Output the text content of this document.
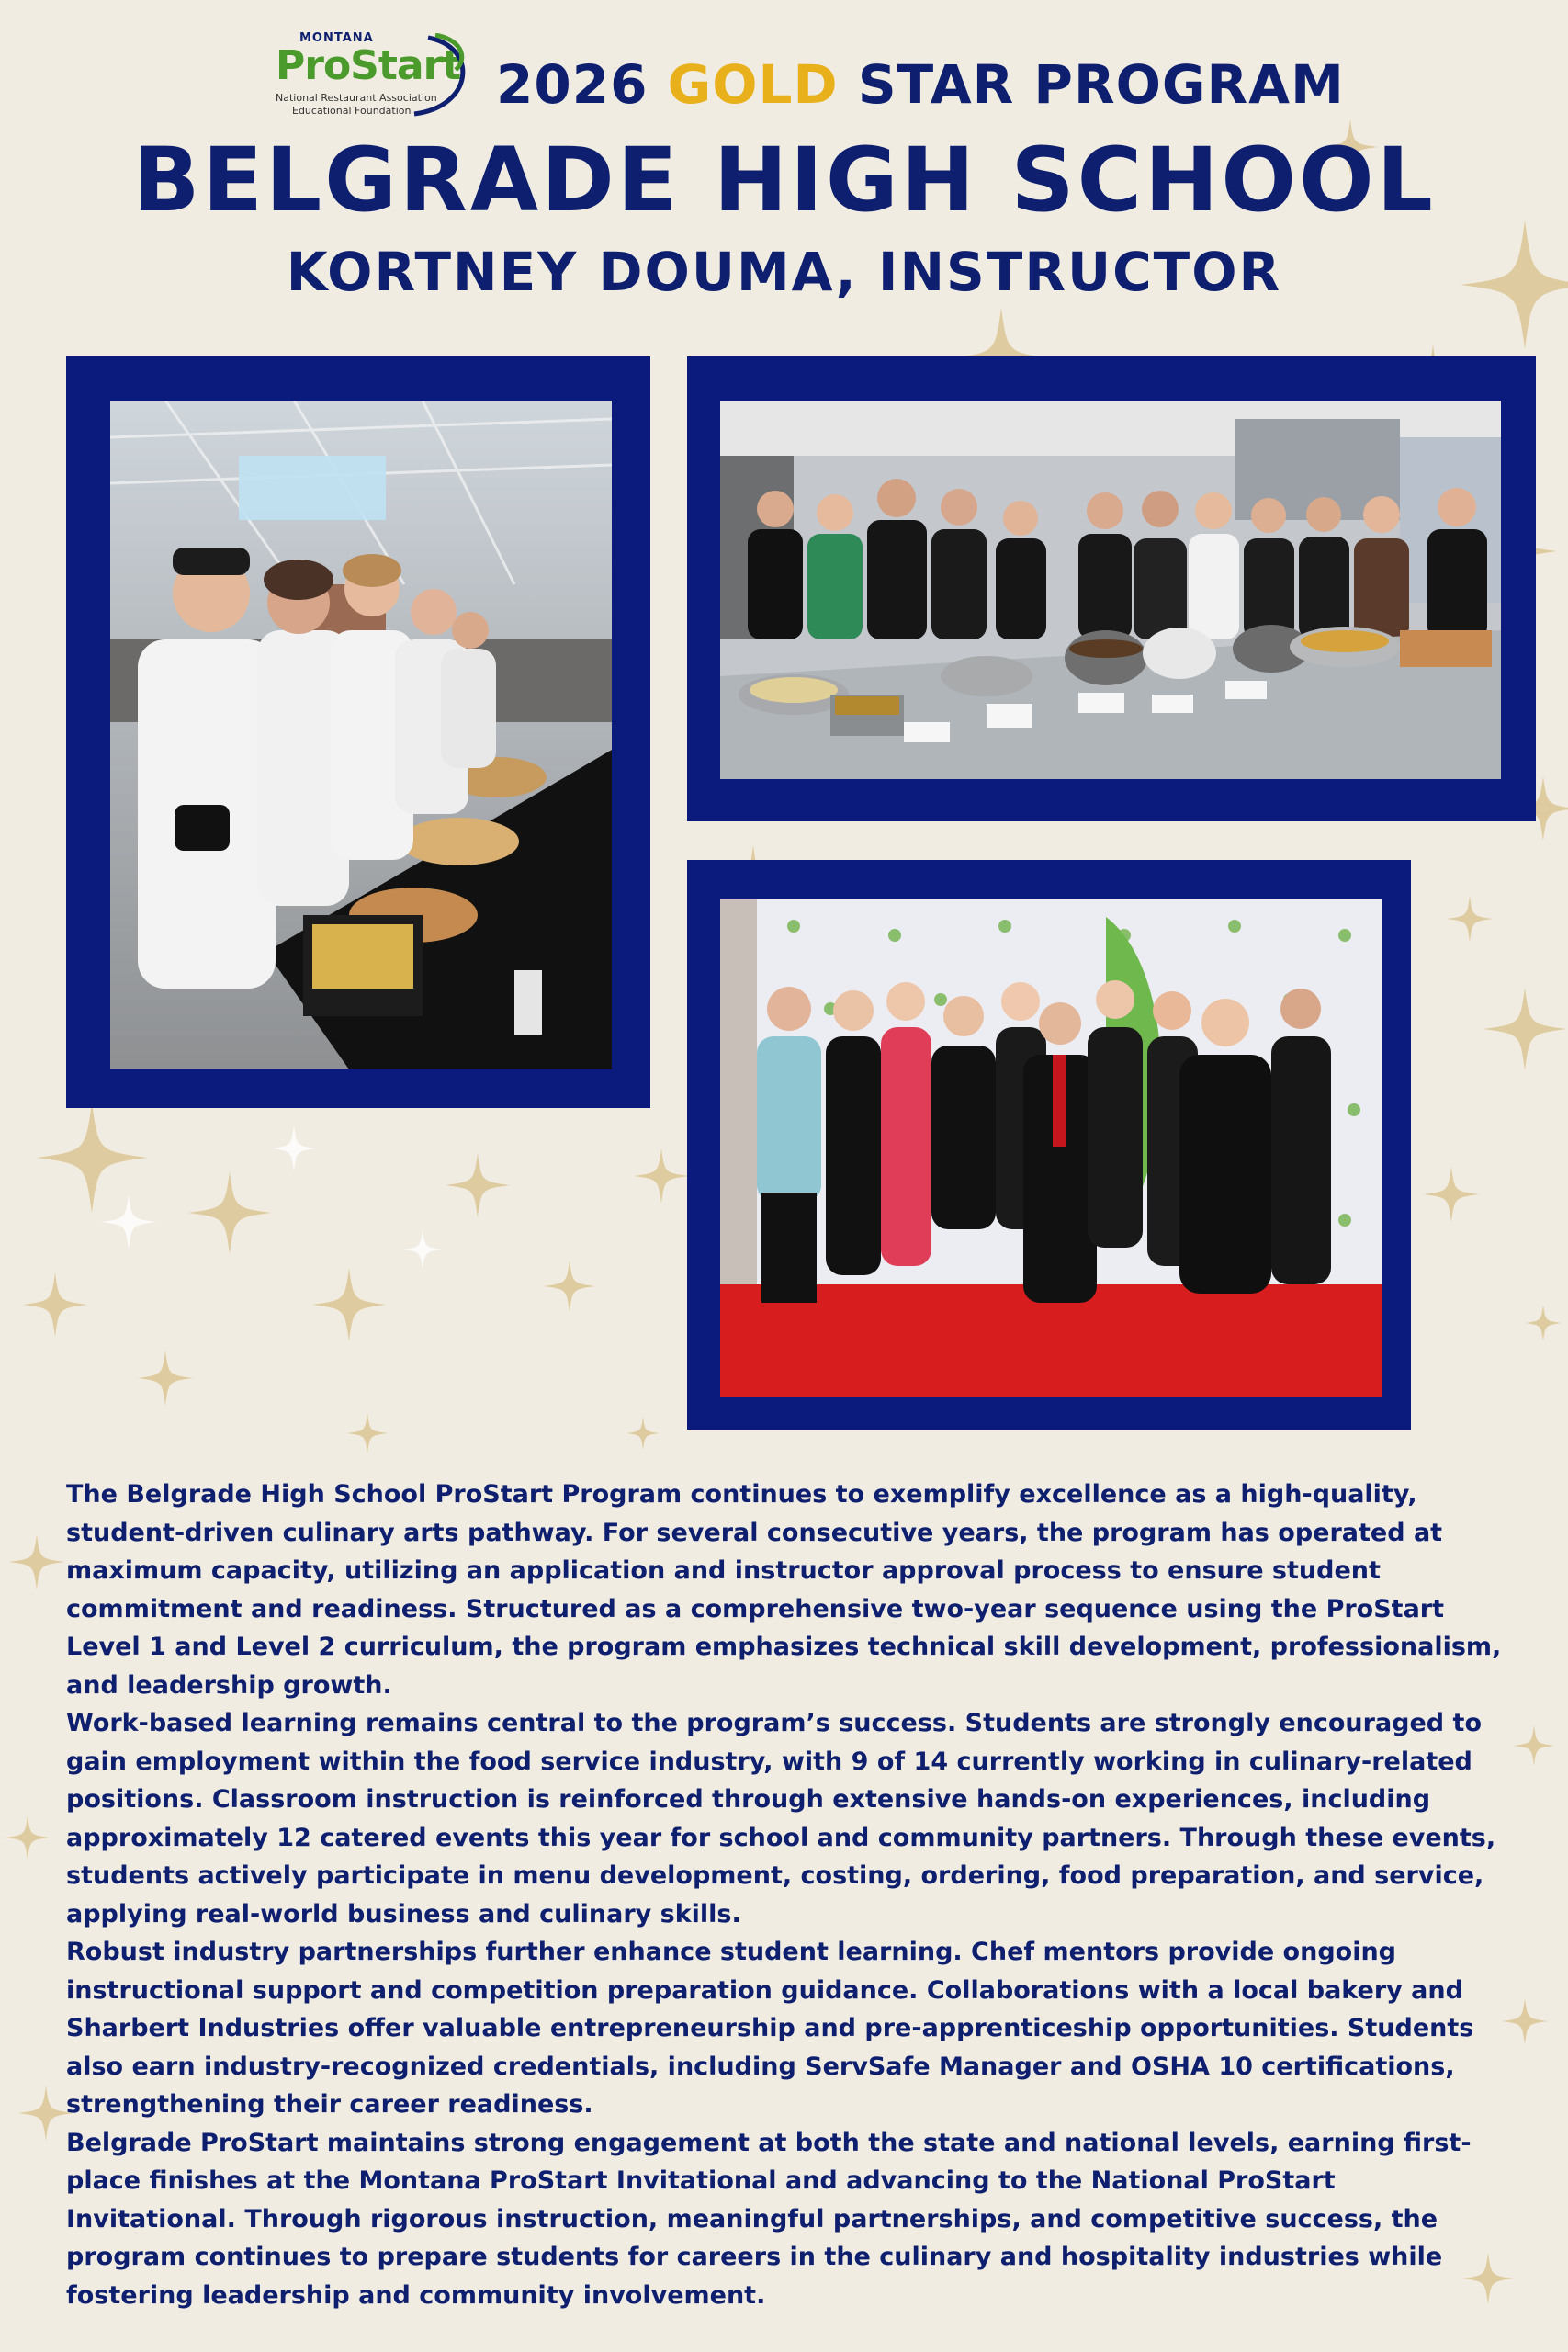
MONTANA
ProStart
National Restaurant Association
Educational Foundation 2026 GOLD STAR PROGRAM
BELGRADE HIGH SCHOOL
KORTNEY DOUMA, INSTRUCTOR

The Belgrade High School ProStart Program continues to exemplify excellence as a high-quality, student-driven culinary arts pathway. For several consecutive years, the program has operated at maximum capacity, utilizing an application and instructor approval process to ensure student commitment and readiness. Structured as a comprehensive two-year sequence using the ProStart Level 1 and Level 2 curriculum, the program emphasizes technical skill development, professionalism, and leadership growth.

Work-based learning remains central to the program’s success. Students are strongly encouraged to gain employment within the food service industry, with 9 of 14 currently working in culinary-related positions. Classroom instruction is reinforced through extensive hands-on experiences, including approximately 12 catered events this year for school and community partners. Through these events, students actively participate in menu development, costing, ordering, food preparation, and service, applying real-world business and culinary skills.

Robust industry partnerships further enhance student learning. Chef mentors provide ongoing instructional support and competition preparation guidance. Collaborations with a local bakery and Sharbert Industries offer valuable entrepreneurship and pre-apprenticeship opportunities. Students also earn industry-recognized credentials, including ServSafe Manager and OSHA 10 certifications, strengthening their career readiness.

Belgrade ProStart maintains strong engagement at both the state and national levels, earning first-place finishes at the Montana ProStart Invitational and advancing to the National ProStart Invitational. Through rigorous instruction, meaningful partnerships, and competitive success, the program continues to prepare students for careers in the culinary and hospitality industries while fostering leadership and community involvement.
